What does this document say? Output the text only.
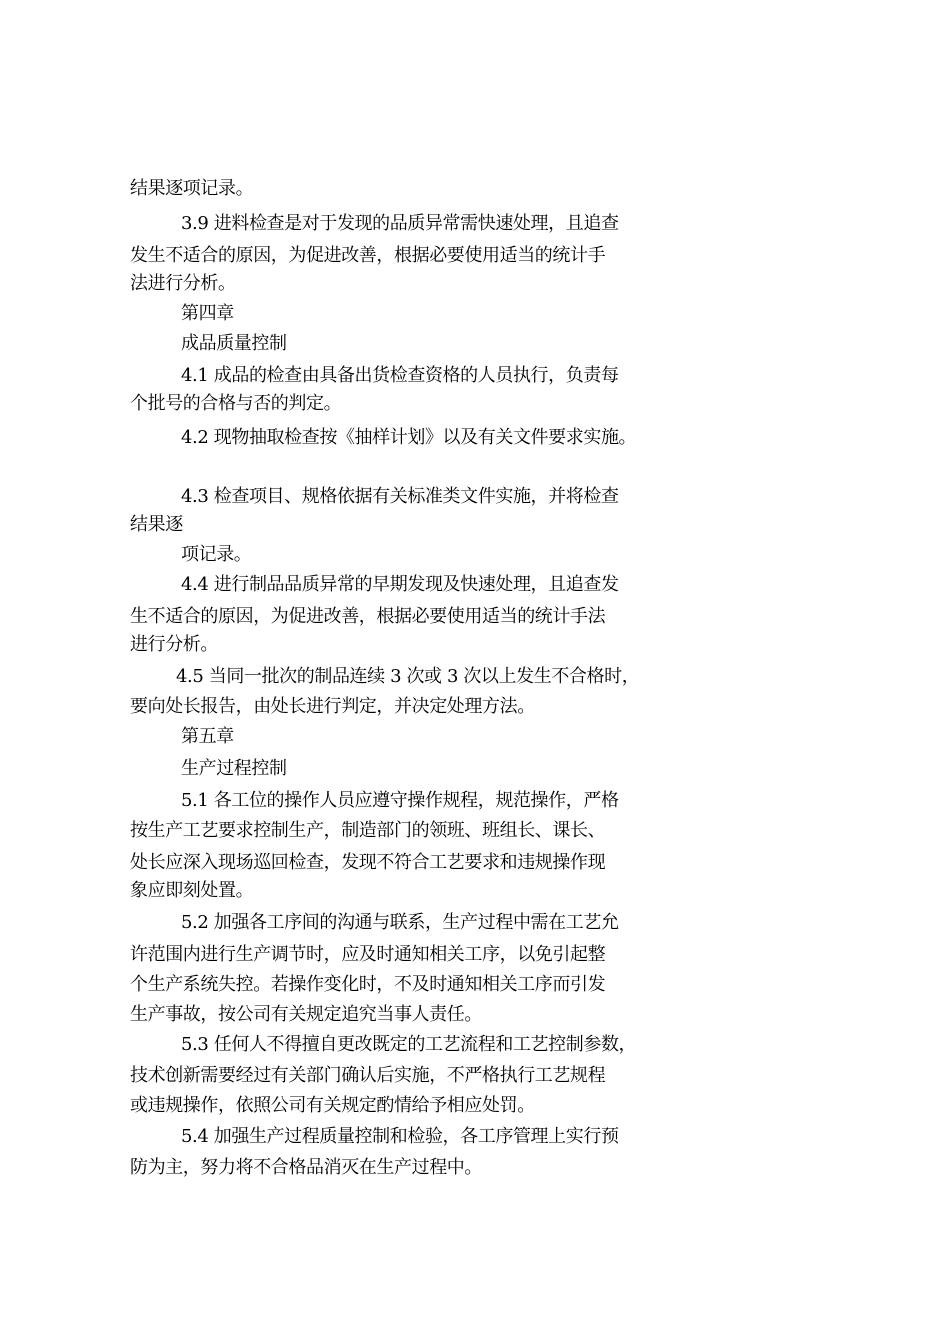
结果逐项记录。
3.9 进料检查是对于发现的品质异常需快速处理，且追查
发生不适合的原因，为促进改善，根据必要使用适当的统计手
法进行分析。
第四章
成品质量控制
4.1 成品的检查由具备出货检查资格的人员执行，负责每
个批号的合格与否的判定。
4.2 现物抽取检查按《抽样计划》以及有关文件要求实施。
4.3 检查项目、规格依据有关标准类文件实施，并将检查
结果逐
项记录。
4.4 进行制品品质异常的早期发现及快速处理，且追查发
生不适合的原因，为促进改善，根据必要使用适当的统计手法
进行分析。
4.5 当同一批次的制品连续 3 次或 3 次以上发生不合格时，
要向处长报告，由处长进行判定，并决定处理方法。
第五章
生产过程控制
5.1 各工位的操作人员应遵守操作规程，规范操作，严格
按生产工艺要求控制生产，制造部门的领班、班组长、课长、
处长应深入现场巡回检查，发现不符合工艺要求和违规操作现
象应即刻处置。
5.2 加强各工序间的沟通与联系，生产过程中需在工艺允
许范围内进行生产调节时，应及时通知相关工序，以免引起整
个生产系统失控。若操作变化时，不及时通知相关工序而引发
生产事故，按公司有关规定追究当事人责任。
5.3 任何人不得擅自更改既定的工艺流程和工艺控制参数，
技术创新需要经过有关部门确认后实施，不严格执行工艺规程
或违规操作，依照公司有关规定酌情给予相应处罚。
5.4 加强生产过程质量控制和检验，各工序管理上实行预
防为主，努力将不合格品消灭在生产过程中。
